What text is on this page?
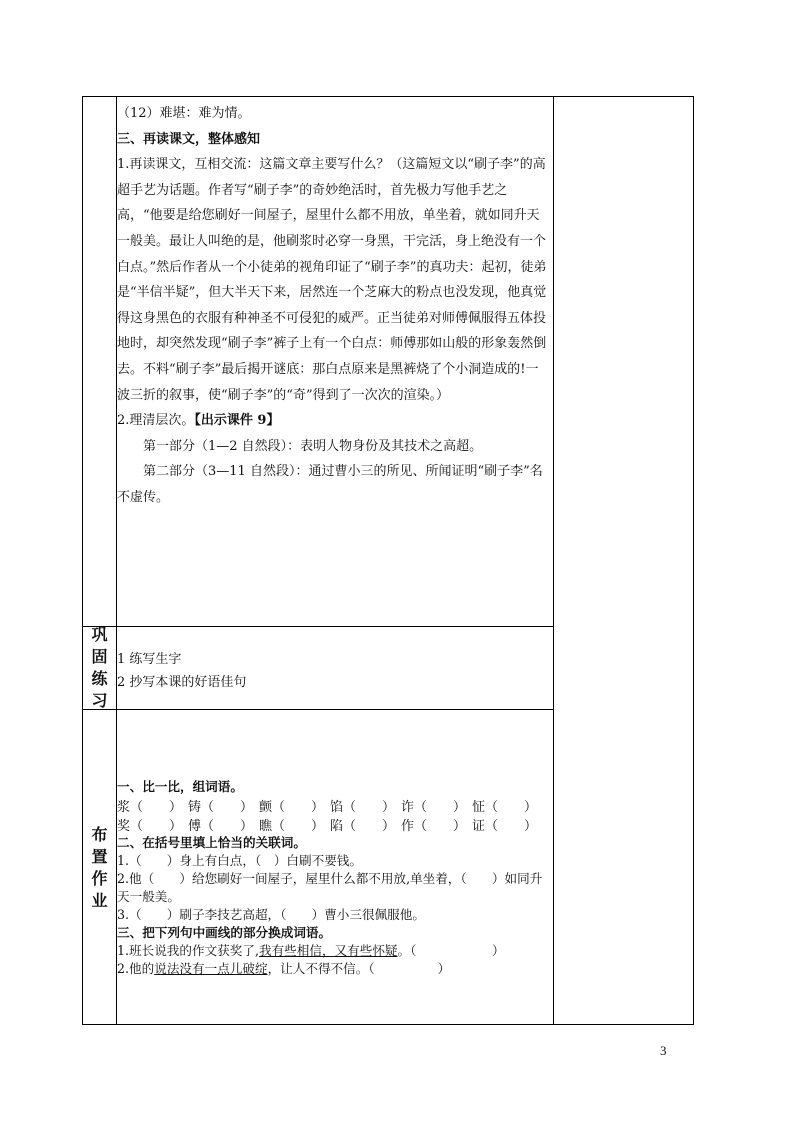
（12）难堪：难为情。

三、再读课文，整体感知

1.再读课文，互相交流：这篇文章主要写什么？（这篇短文以“刷子李”的高超手艺为话题。作者写“刷子李”的奇妙绝活时，首先极力写他手艺之高，“他要是给您刷好一间屋子，屋里什么都不用放，单坐着，就如同升天一般美。最让人叫绝的是，他刷浆时必穿一身黑，干完活，身上绝没有一个白点。”然后作者从一个小徒弟的视角印证了“刷子李”的真功夫：起初，徒弟是“半信半疑”，但大半天下来，居然连一个芝麻大的粉点也没发现，他真觉得这身黑色的衣服有种神圣不可侵犯的威严。正当徒弟对师傅佩服得五体投地时，却突然发现“刷子李”裤子上有一个白点：师傅那如山般的形象轰然倒去。不料“刷子李”最后揭开谜底：那白点原来是黑裤烧了个小洞造成的!一波三折的叙事，使“刷子李”的“奇”得到了一次次的渲染。）

2.理清层次。【出示课件 9】

第一部分（1—2 自然段）：表明人物身份及其技术之高超。

第二部分（3—11 自然段）：通过曹小三的所见、所闻证明“刷子李”名不虚传。

巩
固
练
习

1 练写生字

2 抄写本课的好语佳句

布
置
作
业

一、比一比，组词语。

浆（　　） 铸（　　） 颤（　　） 馅（　　） 诈（　　） 怔（　　）
奖（　　） 傅（　　） 瞧（　　） 陷（　　） 作（　　） 证（　　）

二、在括号里填上恰当的关联词。

1.（　　）身上有白点，（　）白刷不要钱。

2.他（　　）给您刷好一间屋子，屋里什么都不用放,单坐着，（　　）如同升天一般美。

3.（　　）刷子李技艺高超，（　　）曹小三很佩服他。

三、把下列句中画线的部分换成词语。

1.班长说我的作文获奖了,我有些相信，又有些怀疑。（　　　　　　）

2.他的说法没有一点儿破绽，让人不得不信。（　　　　　）

3
